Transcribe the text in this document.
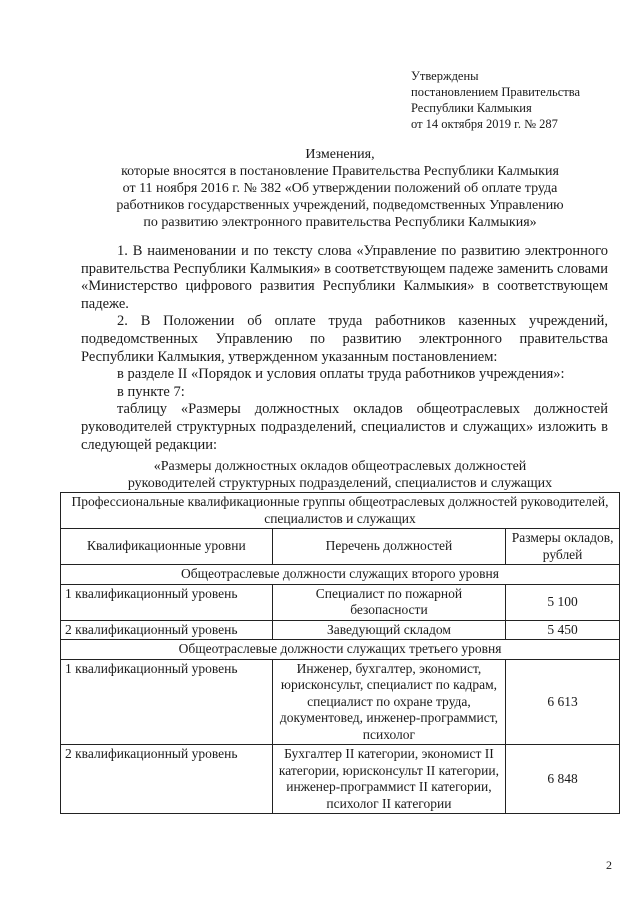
Утверждены
постановлением Правительства
Республики Калмыкия
от 14 октября 2019 г. № 287
Изменения,
которые вносятся в постановление Правительства Республики Калмыкия
от 11 ноября 2016 г. № 382 «Об утверждении положений об оплате труда
работников государственных учреждений, подведомственных Управлению
по развитию электронного правительства Республики Калмыкия»

1. В наименовании и по тексту слова «Управление по развитию электронного правительства Республики Калмыкия» в соответствующем падеже заменить словами «Министерство цифрового развития Республики Калмыкия» в соответствующем падеже.

2. В Положении об оплате труда работников казенных учреждений, подведомственных Управлению по развитию электронного правительства Республики Калмыкия, утвержденном указанным постановлением:

в разделе II «Порядок и условия оплаты труда работников учреждения»:

в пункте 7:

таблицу «Размеры должностных окладов общеотраслевых должностей руководителей структурных подразделений, специалистов и служащих» изложить в следующей редакции:

«Размеры должностных окладов общеотраслевых должностей
руководителей структурных подразделений, специалистов и служащих
Профессиональные квалификационные группы общеотраслевых должностей руководителей, специалистов и служащих		
Квалификационные уровни	Перечень должностей	Размеры окладов, рублей
Общеотраслевые должности служащих второго уровня		
1 квалификационный уровень	Специалист по пожарной безопасности	5 100
2 квалификационный уровень	Заведующий складом	5 450
Общеотраслевые должности служащих третьего уровня		
1 квалификационный уровень	Инженер, бухгалтер, экономист, юрисконсульт, специалист по кадрам, специалист по охране труда, документовед, инженер-программист, психолог	6 613
2 квалификационный уровень	Бухгалтер II категории, экономист II категории, юрисконсульт II категории, инженер-программист II категории, психолог II категории	6 848
2
